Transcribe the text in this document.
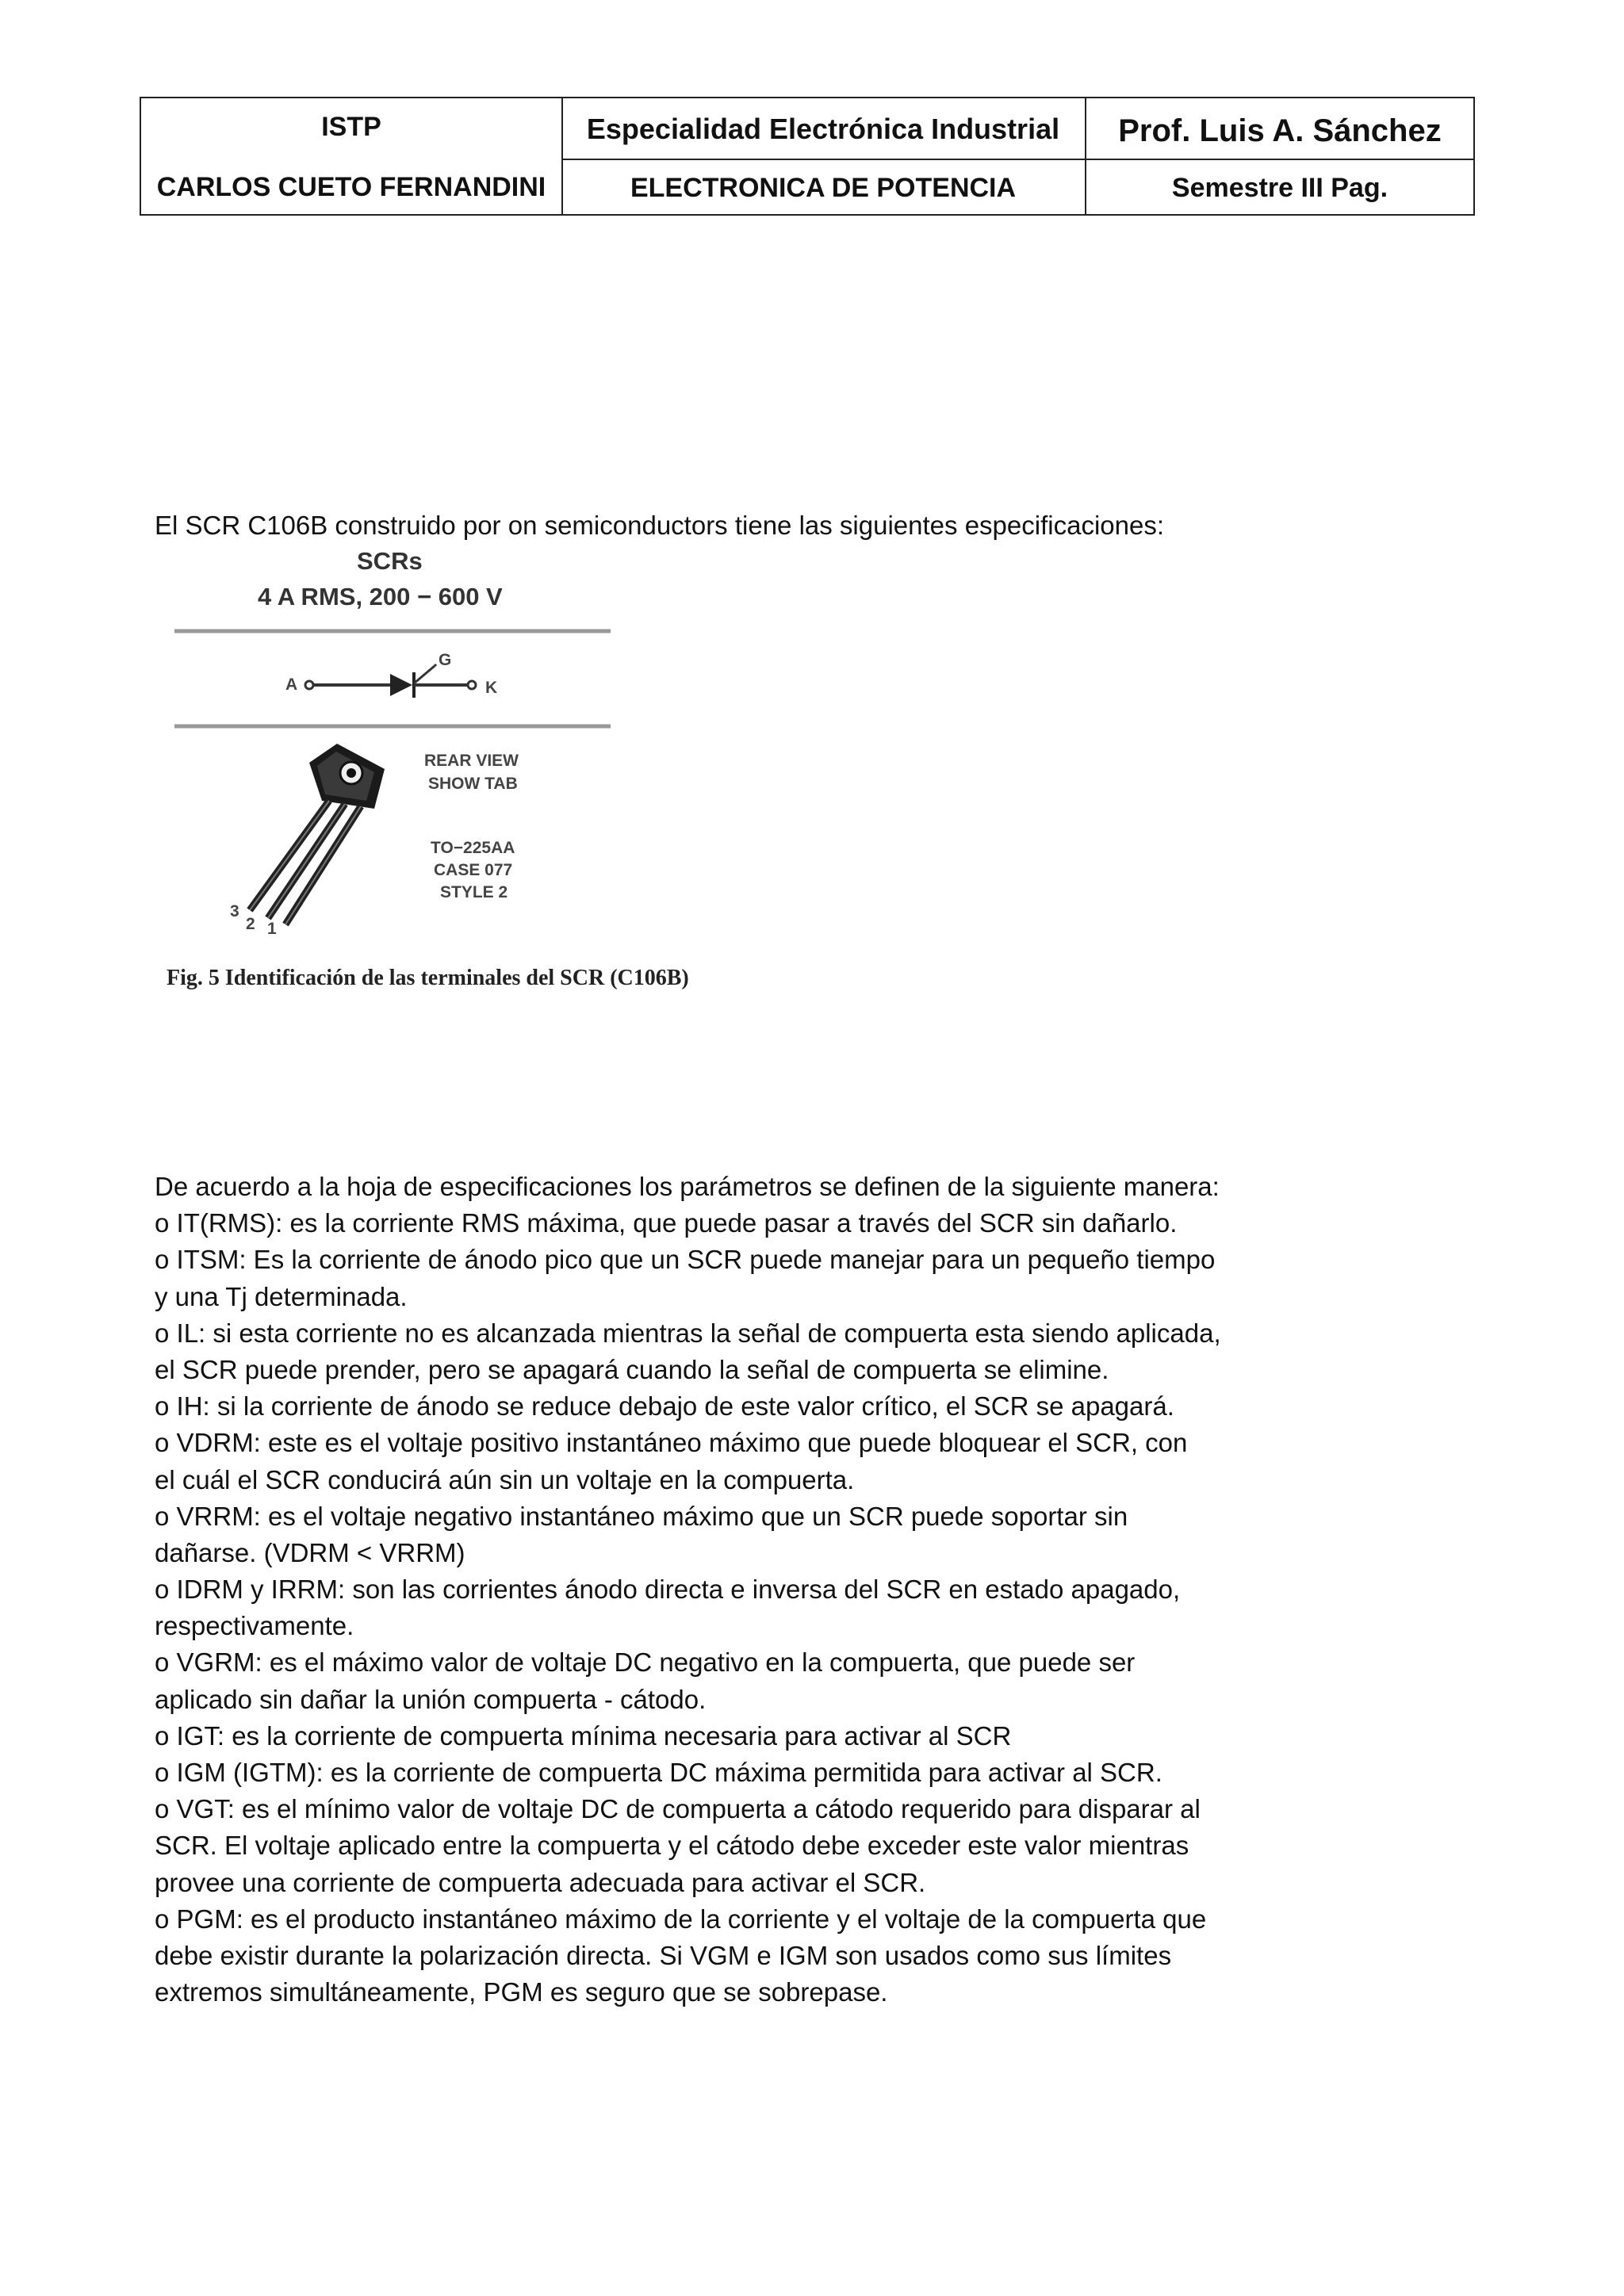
ISTP
CARLOS CUETO FERNANDINI
Especialidad Electrónica Industrial
ELECTRONICA DE POTENCIA
Prof. Luis A. Sánchez
Semestre III Pag.
El SCR C106B construido por on semiconductors tiene las siguientes especificaciones:
SCRs
4 A RMS, 200 − 600 V
A
G
K
REAR VIEW
SHOW TAB
TO−225AA
CASE 077
STYLE 2
3
2 1
Fig. 5 Identificación de las terminales del SCR (C106B)
De acuerdo a la hoja de especificaciones los parámetros se definen de la siguiente manera:
o IT(RMS): es la corriente RMS máxima, que puede pasar a través del SCR sin dañarlo.
o ITSM: Es la corriente de ánodo pico que un SCR puede manejar para un pequeño tiempo
y una Tj determinada.
o IL: si esta corriente no es alcanzada mientras la señal de compuerta esta siendo aplicada,
el SCR puede prender, pero se apagará cuando la señal de compuerta se elimine.
o IH: si la corriente de ánodo se reduce debajo de este valor crítico, el SCR se apagará.
o VDRM: este es el voltaje positivo instantáneo máximo que puede bloquear el SCR, con
el cuál el SCR conducirá aún sin un voltaje en la compuerta.
o VRRM: es el voltaje negativo instantáneo máximo que un SCR puede soportar sin
dañarse. (VDRM < VRRM)
o IDRM y IRRM: son las corrientes ánodo directa e inversa del SCR en estado apagado,
respectivamente.
o VGRM: es el máximo valor de voltaje DC negativo en la compuerta, que puede ser
aplicado sin dañar la unión compuerta - cátodo.
o IGT: es la corriente de compuerta mínima necesaria para activar al SCR
o IGM (IGTM): es la corriente de compuerta DC máxima permitida para activar al SCR.
o VGT: es el mínimo valor de voltaje DC de compuerta a cátodo requerido para disparar al
SCR. El voltaje aplicado entre la compuerta y el cátodo debe exceder este valor mientras
provee una corriente de compuerta adecuada para activar el SCR.
o PGM: es el producto instantáneo máximo de la corriente y el voltaje de la compuerta que
debe existir durante la polarización directa. Si VGM e IGM son usados como sus límites
extremos simultáneamente, PGM es seguro que se sobrepase.
